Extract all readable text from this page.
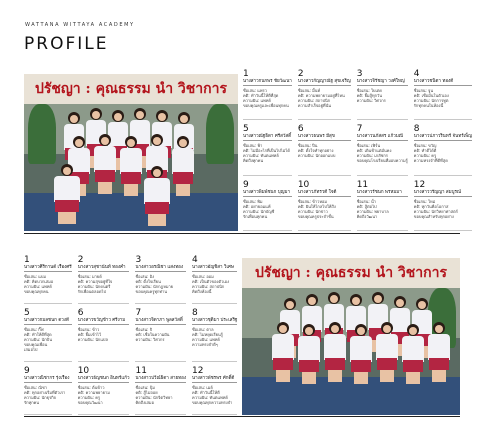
WATTANA WITTAYA ACADEMY
PROFILE
ปรัชญา : คุณธรรม นำ วิชาการ
1
นางสาวกนกพร ชัยวัฒนา
ชื่อเล่น: แพรว
คติ: ทำวันนี้ให้ดีที่สุด
ความฝัน: แพทย์
ขอบคุณครูและเพื่อนทุกคน
2
นางสาวกัญญาณัฐ สุขเจริญ
ชื่อเล่น: มิ้นท์
คติ: ความพยายามอยู่ที่ไหน
ความฝัน: สถาปนิก
ความสำเร็จอยู่ที่นั่น
3
นางสาวจิรัชญา วงศ์ใหญ่
ชื่อเล่น: ใบเตย
คติ: ยิ้มสู้ทุกวัน
ความฝัน: วิศวกร
4
นางสาวชนิดา ทองดี
ชื่อเล่น: จูน
คติ: เชื่อมั่นในตัวเอง
ความฝัน: นักการทูต
รักทุกคนในห้องนี้
5
นางสาวณัฐธิดา ศรีสวัสดิ์
ชื่อเล่น: ฟ้า
คติ: ไม่มีอะไรที่เป็นไปไม่ได้
ความฝัน: ทันตแพทย์
คิดถึงทุกคน
6
นางสาวธนพร มีสุข
ชื่อเล่น: ปิ่น
คติ: ตั้งใจทำทุกอย่าง
ความฝัน: นักออกแบบ
7
นางสาวนภัสสร แก้วมณี
ชื่อเล่น: เฟิร์น
คติ: เดินช้าแต่มั่นคง
ความฝัน: เภสัชกร
ขอบคุณโรงเรียนที่มอบความรู้
8
นางสาวปภาวรินทร์ จันทร์เพ็ญ
ชื่อเล่น: ขวัญ
คติ: ทำดีได้ดี
ความฝัน: ครู
ความทรงจำที่ดีที่สุด
9
นางสาวพิมพ์ชนก บุญมา
ชื่อเล่น: พิม
คติ: อย่ายอมแพ้
ความฝัน: นักบัญชี
รักเพื่อนทุกคน
10
นางสาวภัทรวดี ใจดี
ชื่อเล่น: ข้าวหอม
คติ: ฝันให้ไกลไปให้ถึง
ความฝัน: นักข่าว
ขอบคุณครูประจำชั้น
11
นางสาวรัชนก พรหมมา
ชื่อเล่น: น้ำ
คติ: สู้ต่อไป
ความฝัน: พยาบาล
คิดถึงวัฒนา
12
นางสาววรัญญา สมบูรณ์
ชื่อเล่น: ใหม่
คติ: ทุกวันคือโอกาส
ความฝัน: นักวิทยาศาสตร์
ขอบคุณสำหรับทุกอย่าง
1
นางสาวศิริกานต์ เรืองศรี
ชื่อเล่น: แบม
คติ: คิดบวกเสมอ
ความฝัน: แพทย์
ขอบคุณทุกคน
2
นางสาวสุชานันท์ ทองคำ
ชื่อเล่น: มายด์
คติ: ความสุขอยู่ที่ใจ
ความฝัน: นักดนตรี
รักเพื่อนตลอดไป
3
นางสาวอรณิชา แสงทอง
ชื่อเล่น: อิง
คติ: ตั้งใจเรียน
ความฝัน: นักกฎหมาย
ขอบคุณครูทุกท่าน
4
นางสาวอัญชิสา วิเศษ
ชื่อเล่น: ออม
คติ: เป็นตัวของตัวเอง
ความฝัน: สถาปนิก
คิดถึงห้องนี้
5
นางสาวกมลชนก ดวงดี
ชื่อเล่น: กิ๊ฟ
คติ: ทำให้ดีที่สุด
ความฝัน: นักบิน
ขอบคุณเพื่อน
เสมอไป
6
นางสาวขวัญข้าว ศรีงาม
ชื่อเล่น: ข้าว
คติ: ยิ้มเข้าไว้
ความฝัน: นักแปล
7
นางสาวจิดาภา พูลสวัสดิ์
ชื่อเล่น: จิ
คติ: เชื่อในความฝัน
ความฝัน: วิศวกร
8
นางสาวชุติมา ประเสริฐ
ชื่อเล่น: ตาล
คติ: ไม่หยุดเรียนรู้
ความฝัน: แพทย์
ความทรงจำดีๆ
9
นางสาวณิชากร รุ่งเรือง
ชื่อเล่น: ณิชา
คติ: ทุกอย่างเริ่มที่ตัวเรา
ความฝัน: นักธุรกิจ
รักทุกคน
10
นางสาวธัญชนก อินทร์แก้ว
ชื่อเล่น: ต้นข้าว
คติ: ความพยายาม
ความฝัน: ครู
ขอบคุณวัฒนา
11
นางสาวปวีณ์ธิดา สายทอง
ชื่อเล่น: ปุ้ม
คติ: สู้ไม่ถอย
ความฝัน: นักจิตวิทยา
คิดถึงเสมอ
12
นางสาวพัชรพร ศักดิ์ดี
ชื่อเล่น: เมย์
คติ: ทำวันนี้ให้ดี
ความฝัน: ทันตแพทย์
ขอบคุณทุกความทรงจำ
ปรัชญา : คุณธรรม นำ วิชาการ
